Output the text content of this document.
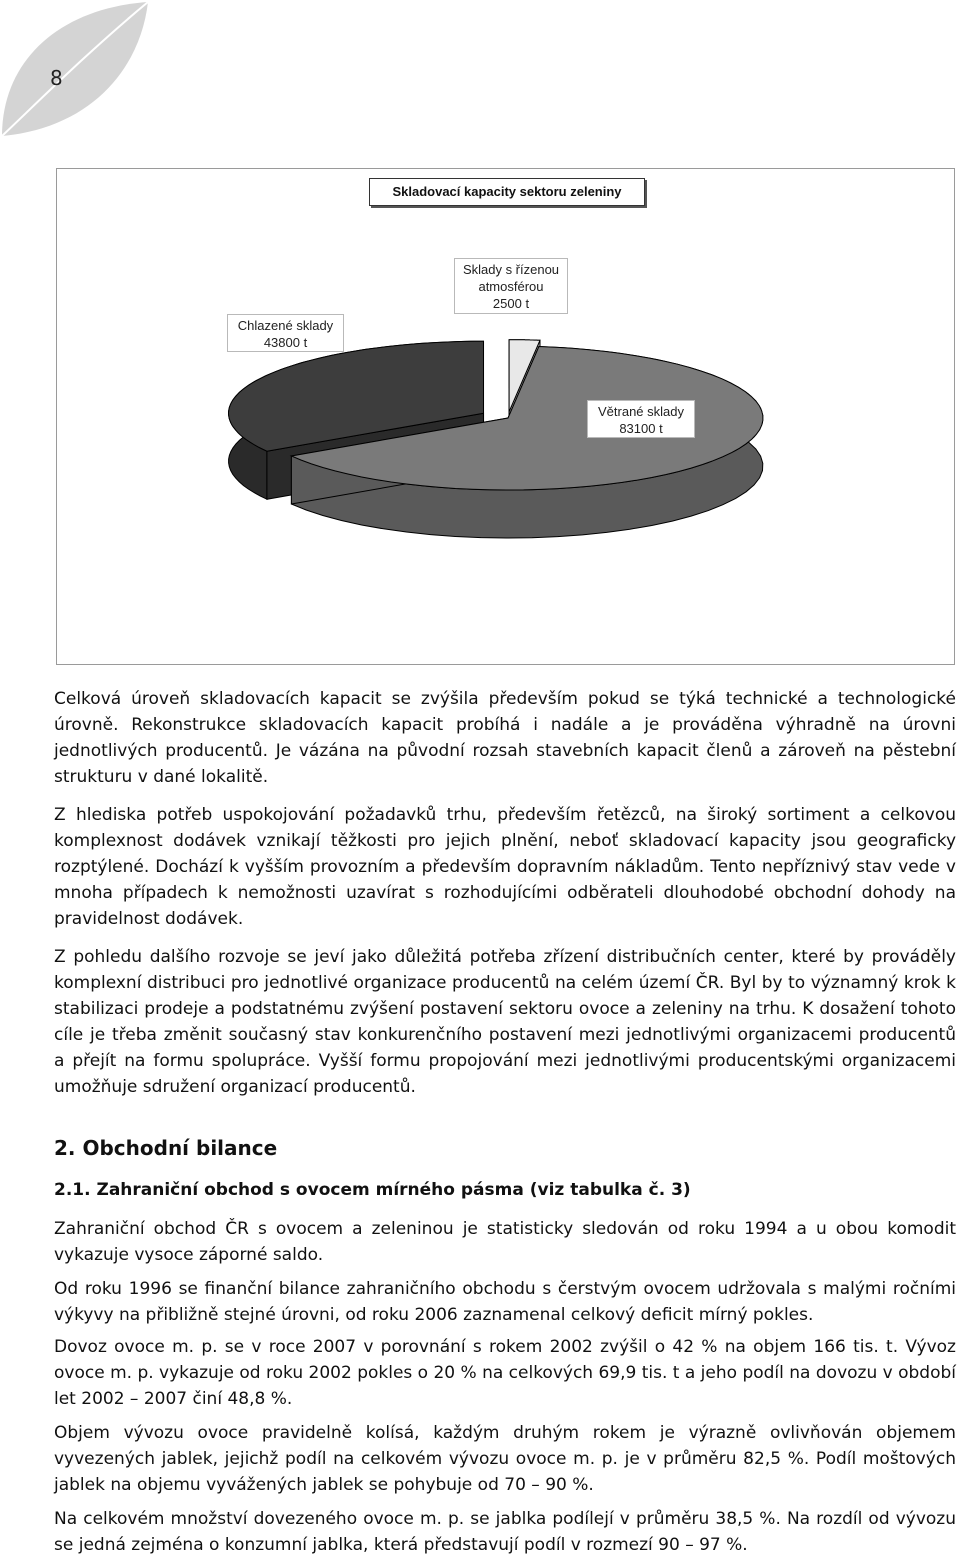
8
Skladovací kapacity sektoru zeleniny
Chlazené sklady
43800 t
Sklady s řízenou
atmosférou
2500 t
Větrané sklady
83100 t

Celková úroveň skladovacích kapacit se zvýšila především pokud se týká technické a technologické úrovně. Rekonstrukce skladovacích kapacit probíhá i nadále a je prováděna výhradně na úrovni jednotlivých producentů. Je vázána na původní rozsah stavebních kapacit členů a zároveň na pěstební strukturu v dané lokalitě.

Z hlediska potřeb uspokojování požadavků trhu, především řetězců, na široký sortiment a celkovou komplexnost dodávek vznikají těžkosti pro jejich plnění, neboť skladovací kapacity jsou geograficky rozptýlené. Dochází k vyšším provozním a především dopravním nákladům. Tento nepříznivý stav vede v mnoha případech k nemožnosti uzavírat s rozhodujícími odběrateli dlouhodobé obchodní dohody na pravidelnost dodávek.

Z pohledu dalšího rozvoje se jeví jako důležitá potřeba zřízení distribučních center, které by prováděly komplexní distribuci pro jednotlivé organizace producentů na celém území ČR. Byl by to významný krok k stabilizaci prodeje a podstatnému zvýšení postavení sektoru ovoce a zeleniny na trhu. K dosažení tohoto cíle je třeba změnit současný stav konkurenčního postavení mezi jednotlivými organizacemi producentů a přejít na formu spolupráce. Vyšší formu propojování mezi jednotlivými producentskými organizacemi umožňuje sdružení organizací producentů.

2. Obchodní bilance
2.1. Zahraniční obchod s ovocem mírného pásma (viz tabulka č. 3)

Zahraniční obchod ČR s ovocem a zeleninou je statisticky sledován od roku 1994 a u obou komodit vykazuje vysoce záporné saldo.

Od roku 1996 se finanční bilance zahraničního obchodu s čerstvým ovocem udržovala s malými ročními výkyvy na přibližně stejné úrovni, od roku 2006 zaznamenal celkový deficit mírný pokles.

Dovoz ovoce m. p. se v roce 2007 v porovnání s rokem 2002 zvýšil o 42 % na objem 166 tis. t. Vývoz ovoce m. p. vykazuje od roku 2002 pokles o 20 % na celkových 69,9 tis. t a jeho podíl na dovozu v období let 2002 – 2007 činí 48,8 %.

Objem vývozu ovoce pravidelně kolísá, každým druhým rokem je výrazně ovlivňován objemem vyvezených jablek, jejichž podíl na celkovém vývozu ovoce m. p. je v průměru 82,5 %. Podíl moštových jablek na objemu vyvážených jablek se pohybuje od 70 – 90 %.

Na celkovém množství dovezeného ovoce m. p. se jablka podílejí v průměru 38,5 %. Na rozdíl od vývozu se jedná zejména o konzumní jablka, která představují podíl v rozmezí 90 – 97 %.
